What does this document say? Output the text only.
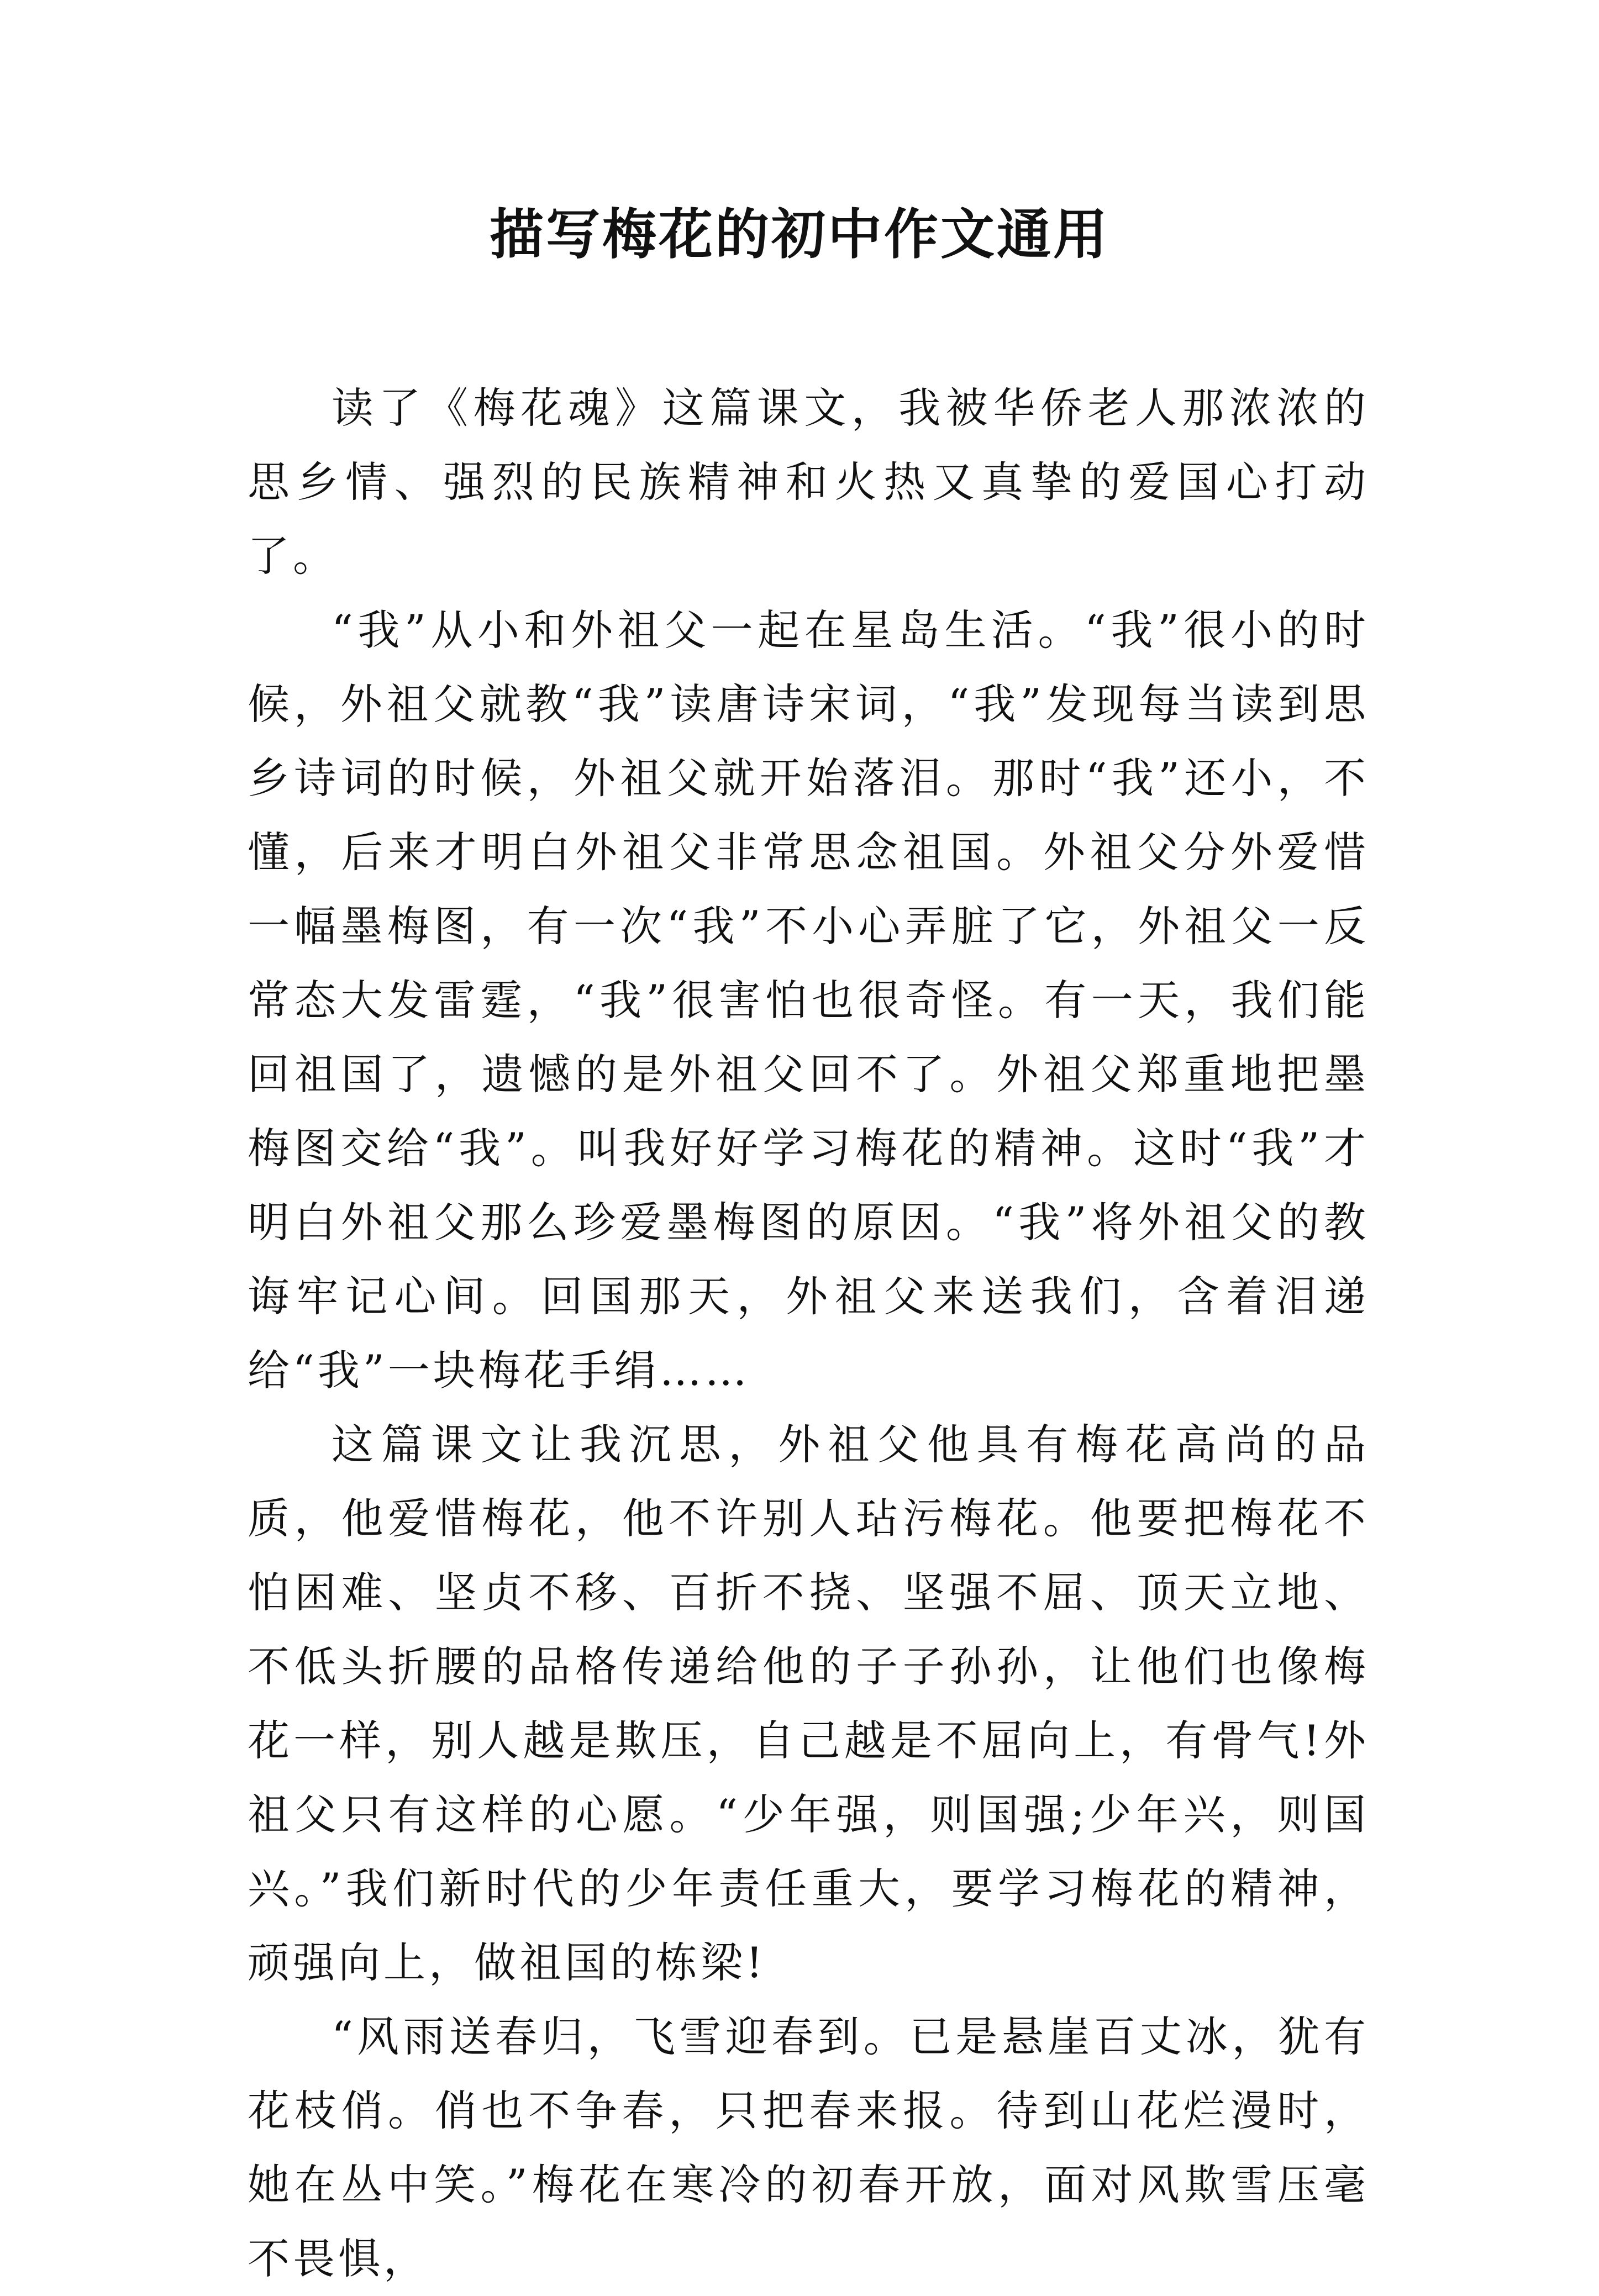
描写梅花的初中作文通用

读了《梅花魂》这篇课文，我被华侨老人那浓浓的思乡情、强烈的民族精神和火热又真挚的爱国心打动了。

“我”从小和外祖父一起在星岛生活。“我”很小的时候，外祖父就教“我”读唐诗宋词，“我”发现每当读到思乡诗词的时候，外祖父就开始落泪。那时“我”还小，不懂，后来才明白外祖父非常思念祖国。外祖父分外爱惜一幅墨梅图，有一次“我”不小心弄脏了它，外祖父一反常态大发雷霆，“我”很害怕也很奇怪。有一天，我们能回祖国了，遗憾的是外祖父回不了。外祖父郑重地把墨梅图交给“我”。叫我好好学习梅花的精神。这时“我”才明白外祖父那么珍爱墨梅图的原因。“我”将外祖父的教诲牢记心间。回国那天，外祖父来送我们，含着泪递给“我”一块梅花手绢……

这篇课文让我沉思，外祖父他具有梅花高尚的品质，他爱惜梅花，他不许别人玷污梅花。他要把梅花不怕困难、坚贞不移、百折不挠、坚强不屈、顶天立地、不低头折腰的品格传递给他的子子孙孙，让他们也像梅花一样，别人越是欺压，自己越是不屈向上，有骨气!外祖父只有这样的心愿。“少年强，则国强;少年兴，则国兴。”我们新时代的少年责任重大，要学习梅花的精神，顽强向上，做祖国的栋梁!

“风雨送春归，飞雪迎春到。已是悬崖百丈冰，犹有花枝俏。俏也不争春，只把春来报。待到山花烂漫时，她在丛中笑。”梅花在寒冷的初春开放，面对风欺雪压毫不畏惧，
